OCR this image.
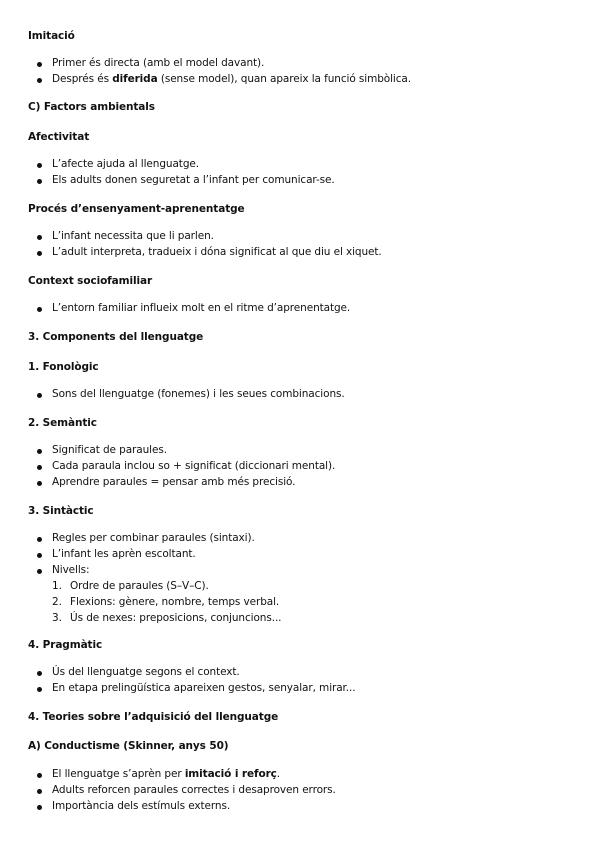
Imitació

Primer és directa (amb el model davant).
Després és diferida (sense model), quan apareix la funció simbòlica.

C) Factors ambientals

Afectivitat

L’afecte ajuda al llenguatge.
Els adults donen seguretat a l’infant per comunicar-se.

Procés d’ensenyament-aprenentatge

L’infant necessita que li parlen.
L’adult interpreta, tradueix i dóna significat al que diu el xiquet.

Context sociofamiliar

L’entorn familiar influeix molt en el ritme d’aprenentatge.

3. Components del llenguatge

1. Fonològic

Sons del llenguatge (fonemes) i les seues combinacions.

2. Semàntic

Significat de paraules.
Cada paraula inclou so + significat (diccionari mental).
Aprendre paraules = pensar amb més precisió.

3. Sintàctic

Regles per combinar paraules (sintaxi).
L’infant les aprèn escoltant.
Nivells:
1. Ordre de paraules (S–V–C).
2. Flexions: gènere, nombre, temps verbal.
3. Ús de nexes: preposicions, conjuncions...

4. Pragmàtic

Ús del llenguatge segons el context.
En etapa prelingüística apareixen gestos, senyalar, mirar...

4. Teories sobre l’adquisició del llenguatge

A) Conductisme (Skinner, anys 50)

El llenguatge s’aprèn per imitació i reforç.
Adults reforcen paraules correctes i desaproven errors.
Importància dels estímuls externs.
